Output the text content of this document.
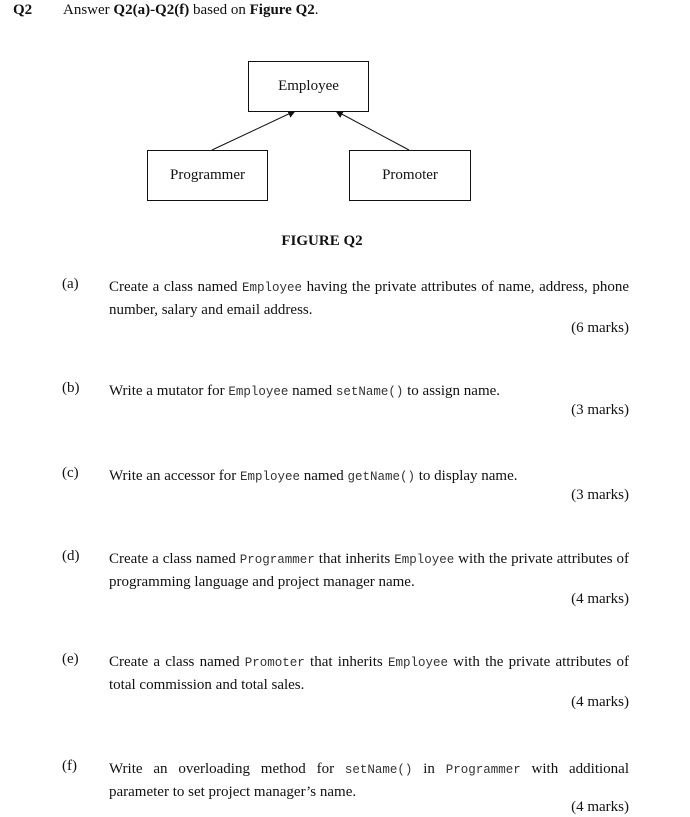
Q2 Answer Q2(a)-Q2(f) based on Figure Q2.
Employee
Programmer	Promoter
FIGURE Q2
(a) Create a class named Employee having the private attributes of name, address, phone number, salary and email address.
(6 marks)
(b) Write a mutator for Employee named setName() to assign name.
(3 marks)
(c) Write an accessor for Employee named getName() to display name.
(3 marks)
(d) Create a class named Programmer that inherits Employee with the private attributes of programming language and project manager name.
(4 marks)
(e) Create a class named Promoter that inherits Employee with the private attributes of total commission and total sales.
(4 marks)
(f) Write an overloading method for setName() in Programmer with additional parameter to set project manager’s name.
(4 marks)
